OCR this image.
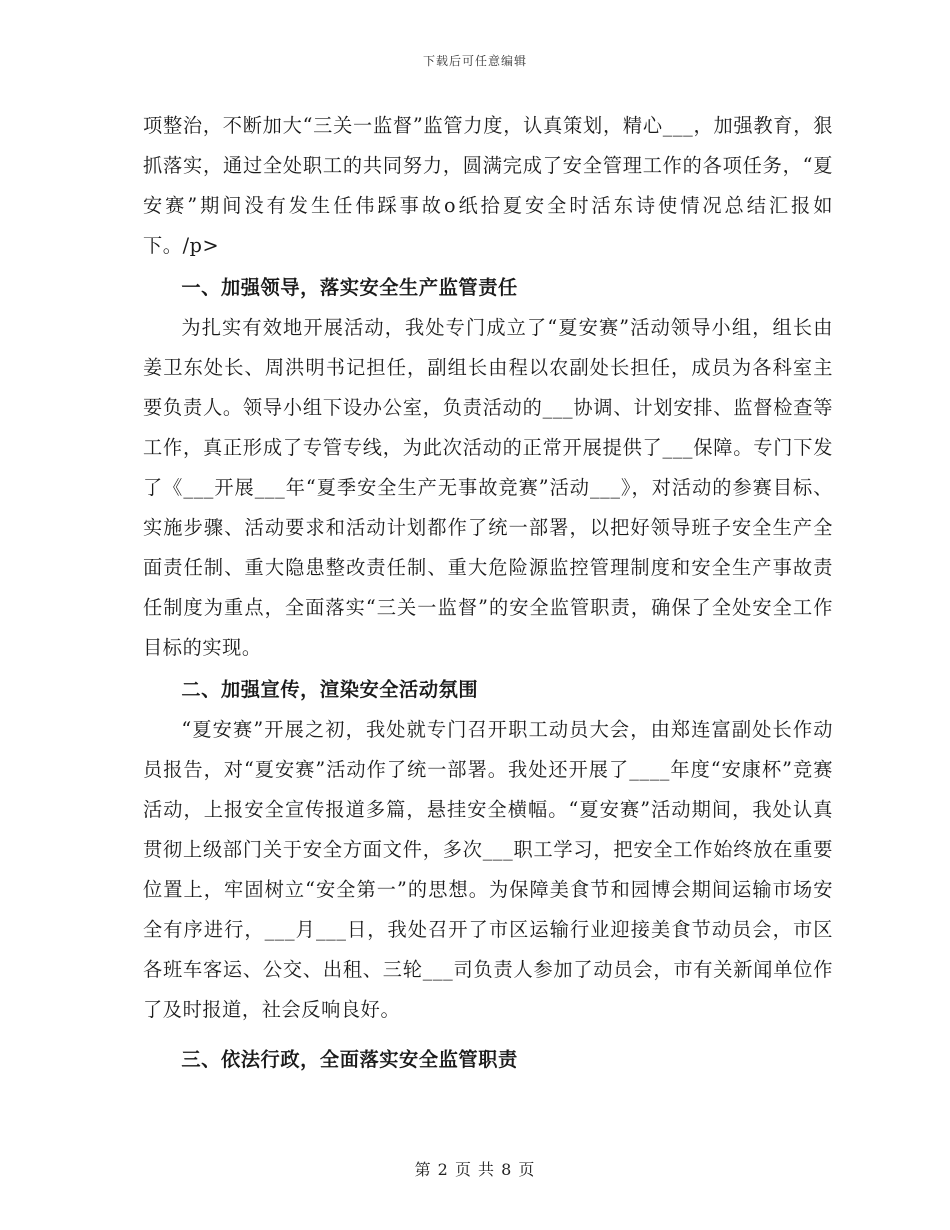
下载后可任意编辑

项整治，不断加大“三关一监督”监管力度，认真策划，精心___，加强教育，狠抓落实，通过全处职工的共同努力，圆满完成了安全管理工作的各项任务，“夏安赛”期间没有发生任伟踩事故o纸拾夏安全时活东诗使情况总结汇报如下。/p>

一、加强领导，落实安全生产监管责任

为扎实有效地开展活动，我处专门成立了“夏安赛”活动领导小组，组长由姜卫东处长、周洪明书记担任，副组长由程以农副处长担任，成员为各科室主要负责人。领导小组下设办公室，负责活动的___协调、计划安排、监督检查等工作，真正形成了专管专线，为此次活动的正常开展提供了___保障。专门下发了《___开展___年“夏季安全生产无事故竞赛”活动___》，对活动的参赛目标、实施步骤、活动要求和活动计划都作了统一部署，以把好领导班子安全生产全面责任制、重大隐患整改责任制、重大危险源监控管理制度和安全生产事故责任制度为重点，全面落实“三关一监督”的安全监管职责，确保了全处安全工作目标的实现。

二、加强宣传，渲染安全活动氛围

“夏安赛”开展之初，我处就专门召开职工动员大会，由郑连富副处长作动员报告，对“夏安赛”活动作了统一部署。我处还开展了____年度“安康杯”竞赛活动，上报安全宣传报道多篇，悬挂安全横幅。“夏安赛”活动期间，我处认真贯彻上级部门关于安全方面文件，多次___职工学习，把安全工作始终放在重要位置上，牢固树立“安全第一”的思想。为保障美食节和园博会期间运输市场安全有序进行，___月___日，我处召开了市区运输行业迎接美食节动员会，市区各班车客运、公交、出租、三轮___司负责人参加了动员会，市有关新闻单位作了及时报道，社会反响良好。

三、依法行政，全面落实安全监管职责
第 2 页 共 8 页
